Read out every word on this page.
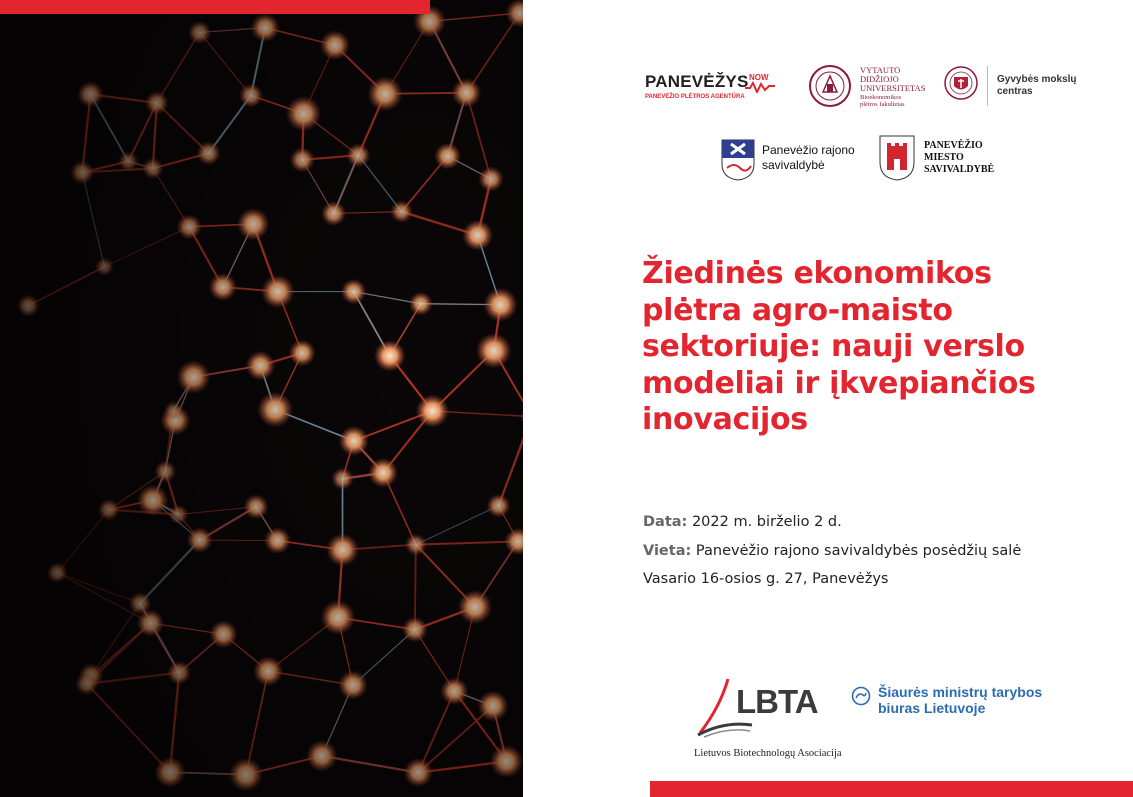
PANEVĖŽYS NOW
PANEVĖŽIO PLĖTROS AGENTŪRA
VYTAUTO
DIDŽIOJO
UNIVERSITETAS
Bioekonomikos
plėtros fakultetas
Gyvybės mokslų
centras
Panevėžio rajono
savivaldybė
PANEVĖŽIO
MIESTO
SAVIVALDYBĖ
Žiedinės ekonomikos
plėtra agro-maisto
sektoriuje: nauji verslo
modeliai ir įkvepiančios
inovacijos
Data: 2022 m. birželio 2 d.
Vieta: Panevėžio rajono savivaldybės posėdžių salė
Vasario 16-osios g. 27, Panevėžys
LBTA
Lietuvos Biotechnologų Asociacija
Šiaurės ministrų tarybos
biuras Lietuvoje
